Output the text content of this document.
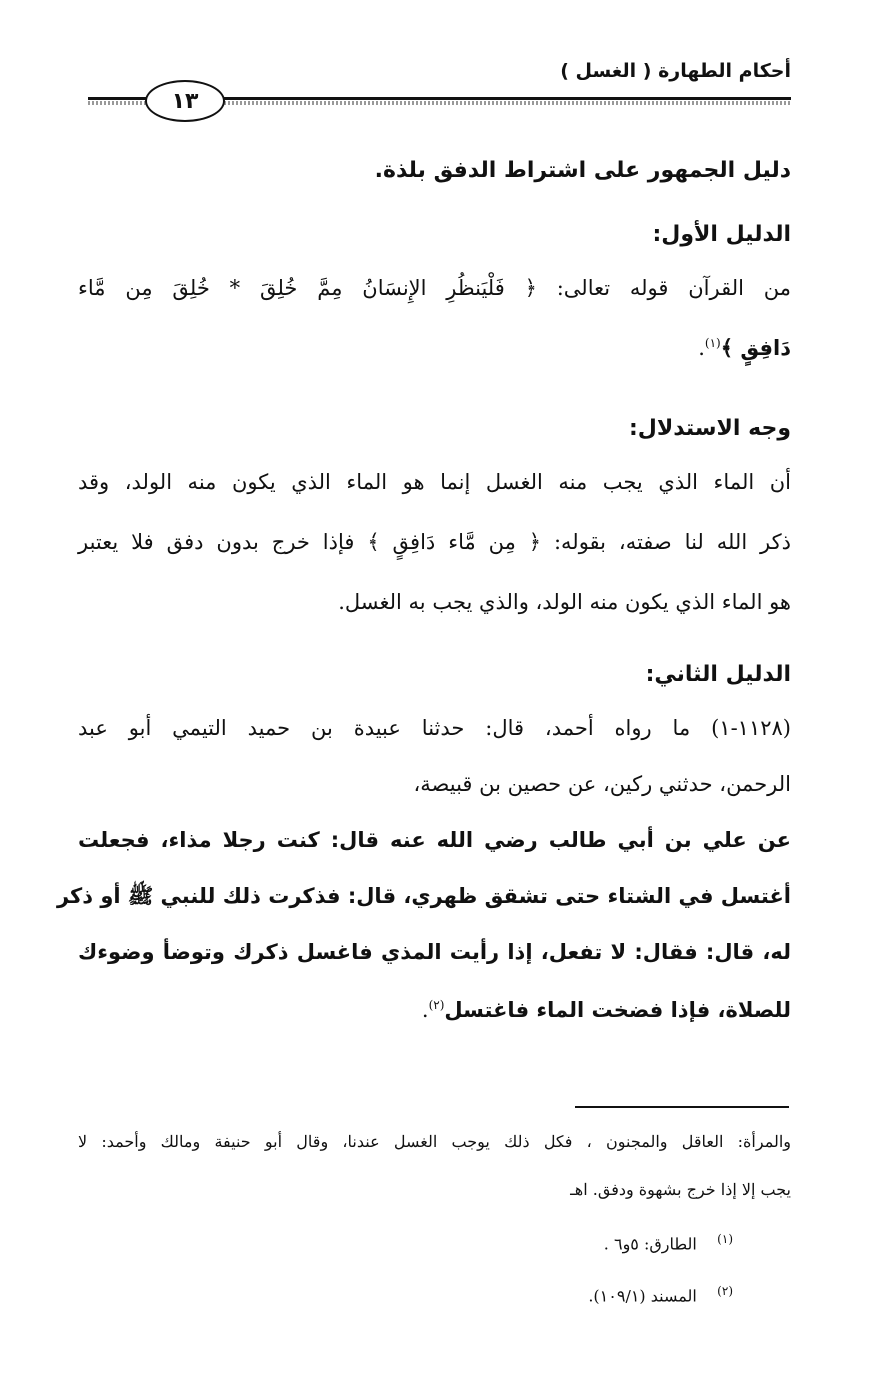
أحكام الطهارة ( الغسل )
١٣

دليل الجمهور على اشتراط الدفق بلذة.

الدليل الأول:

من القرآن قوله تعالى: ﴿ فَلْيَنظُرِ الإِنسَانُ مِمَّ خُلِقَ * خُلِقَ مِن مَّاء

دَافِقٍ ﴾$^{(١)}$.

وجه الاستدلال:

أن الماء الذي يجب منه الغسل إنما هو الماء الذي يكون منه الولد، وقد

ذكر الله لنا صفته، بقوله: ﴿ مِن مَّاء دَافِقٍ ﴾ فإذا خرج بدون دفق فلا يعتبر

هو الماء الذي يكون منه الولد، والذي يجب به الغسل.

الدليل الثاني:

(١١٢٨-١) ما رواه أحمد، قال: حدثنا عبيدة بن حميد التيمي أبو عبد

الرحمن، حدثني ركين، عن حصين بن قبيصة،

عن علي بن أبي طالب رضي الله عنه قال: كنت رجلا مذاء، فجعلت

أغتسل في الشتاء حتى تشقق ظهري، قال: فذكرت ذلك للنبي ﷺ أو ذكر

له، قال: فقال: لا تفعل، إذا رأيت المذي فاغسل ذكرك وتوضأ وضوءك

للصلاة، فإذا فضخت الماء فاغتسل$^{(٢)}$.

والمرأة: العاقل والمجنون ، فكل ذلك يوجب الغسل عندنا، وقال أبو حنيفة ومالك وأحمد: لا

يجب إلا إذا خرج بشهوة ودفق. اهـ

$^{(١)}$    الطارق: ٥و٦ .

$^{(٢)}$    المسند (١٠٩/١).
